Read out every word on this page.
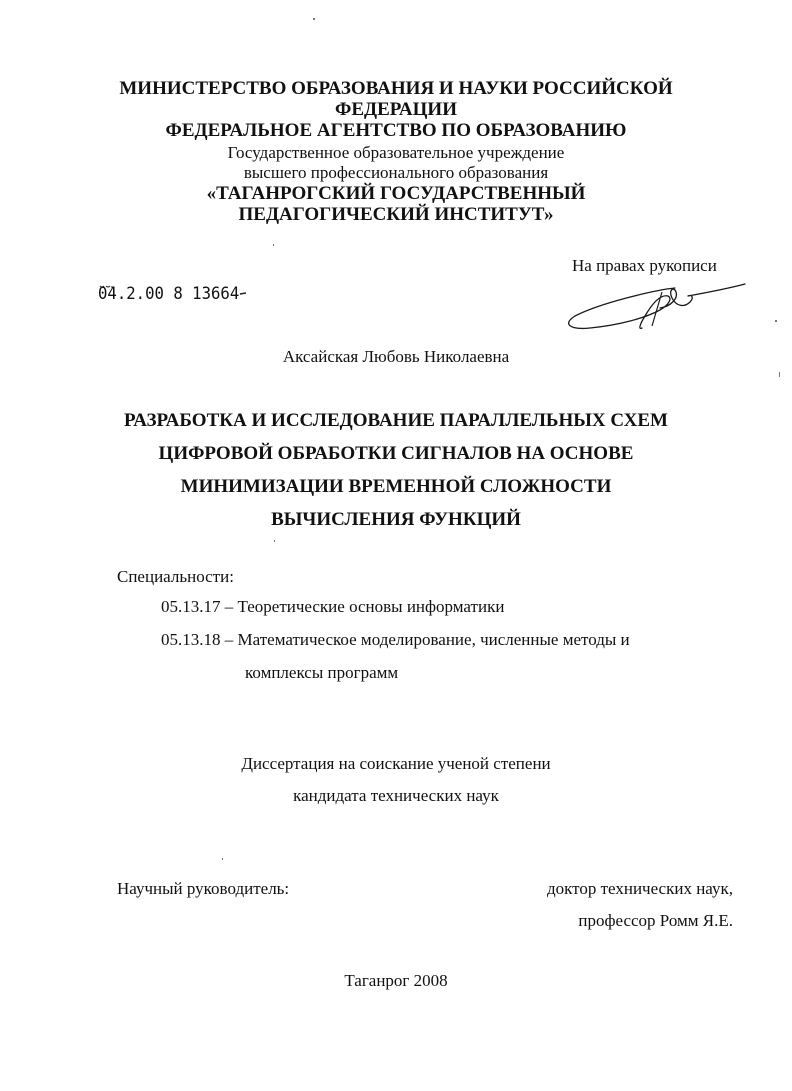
МИНИСТЕРСТВО ОБРАЗОВАНИЯ И НАУКИ РОССИЙСКОЙ
ФЕДЕРАЦИИ
ФЕДЕРАЛЬНОЕ АГЕНТСТВО ПО ОБРАЗОВАНИЮ
Государственное образовательное учреждение
высшего профессионального образования
«ТАГАНРОГСКИЙ ГОСУДАРСТВЕННЫЙ
ПЕДАГОГИЧЕСКИЙ ИНСТИТУТ»
На правах рукописи
04.2.00 8 13664
Аксайская Любовь Николаевна
РАЗРАБОТКА И ИССЛЕДОВАНИЕ ПАРАЛЛЕЛЬНЫХ СХЕМ
ЦИФРОВОЙ ОБРАБОТКИ СИГНАЛОВ НА ОСНОВЕ
МИНИМИЗАЦИИ ВРЕМЕННОЙ СЛОЖНОСТИ
ВЫЧИСЛЕНИЯ ФУНКЦИЙ
Специальности:
05.13.17 – Теоретические основы информатики
05.13.18 – Математическое моделирование, численные методы и
комплексы программ
Диссертация на соискание ученой степени
кандидата технических наук
Научный руководитель:	доктор технических наук,
профессор Ромм Я.Е.
Таганрог 2008
